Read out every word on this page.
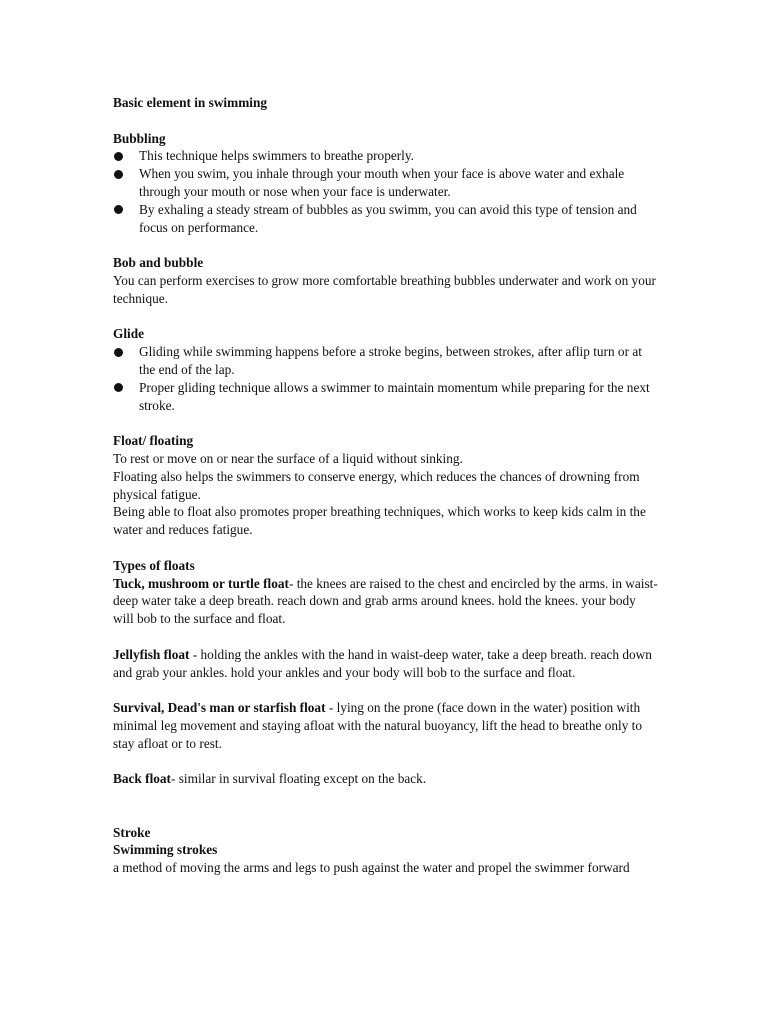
Basic element in swimming

Bubbling

This technique helps swimmers to breathe properly.
When you swim, you inhale through your mouth when your face is above water and exhale through your mouth or nose when your face is underwater.
By exhaling a steady stream of bubbles as you swimm, you can avoid this type of tension and focus on performance.

Bob and bubble

You can perform exercises to grow more comfortable breathing bubbles underwater and work on your technique.

Glide

Gliding while swimming happens before a stroke begins, between strokes, after aflip turn or at the end of the lap.
Proper gliding technique allows a swimmer to maintain momentum while preparing for the next stroke.

Float/ floating

To rest or move on or near the surface of a liquid without sinking.

Floating also helps the swimmers to conserve energy, which reduces the chances of drowning from physical fatigue.

Being able to float also promotes proper breathing techniques, which works to keep kids calm in the water and reduces fatigue.

Types of floats

Tuck, mushroom or turtle float- the knees are raised to the chest and encircled by the arms. in waist-deep water take a deep breath. reach down and grab arms around knees. hold the knees. your body will bob to the surface and float.

Jellyfish float - holding the ankles with the hand in waist-deep water, take a deep breath. reach down and grab your ankles. hold your ankles and your body will bob to the surface and float.

Survival, Dead's man or starfish float - lying on the prone (face down in the water) position with minimal leg movement and staying afloat with the natural buoyancy, lift the head to breathe only to stay afloat or to rest.

Back float- similar in survival floating except on the back.

Stroke

Swimming strokes

a method of moving the arms and legs to push against the water and propel the swimmer forward
